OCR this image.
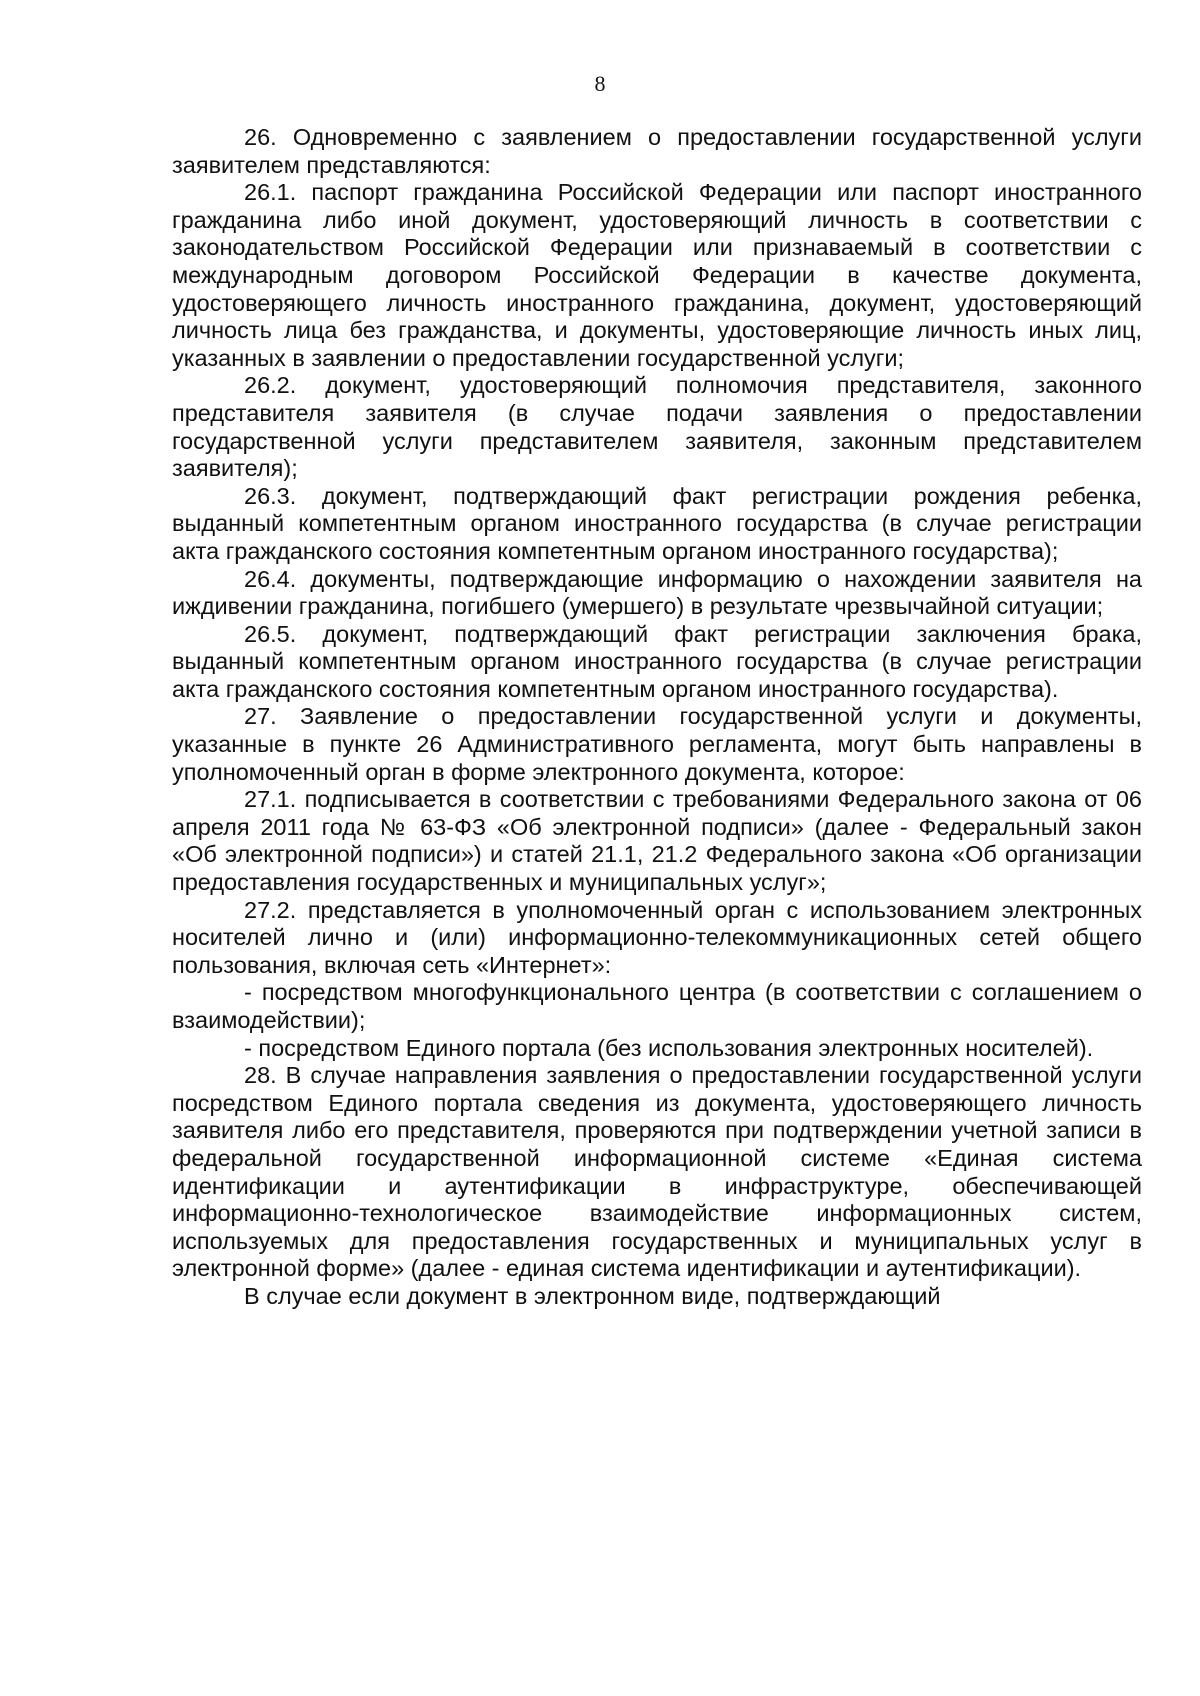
8

26. Одновременно с заявлением о предоставлении государственной услуги заявителем представляются:

26.1. паспорт гражданина Российской Федерации или паспорт иностранного гражданина либо иной документ, удостоверяющий личность в соответствии с законодательством Российской Федерации или признаваемый в соответствии с международным договором Российской Федерации в качестве документа, удостоверяющего личность иностранного гражданина, документ, удостоверяющий личность лица без гражданства, и документы, удостоверяющие личность иных лиц, указанных в заявлении о предоставлении государственной услуги;

26.2. документ, удостоверяющий полномочия представителя, законного представителя заявителя (в случае подачи заявления о предоставлении государственной услуги представителем заявителя, законным представителем заявителя);

26.3. документ, подтверждающий факт регистрации рождения ребенка, выданный компетентным органом иностранного государства (в случае регистрации акта гражданского состояния компетентным органом иностранного государства);

26.4. документы, подтверждающие информацию о нахождении заявителя на иждивении гражданина, погибшего (умершего) в результате чрезвычайной ситуации;

26.5. документ, подтверждающий факт регистрации заключения брака, выданный компетентным органом иностранного государства (в случае регистрации акта гражданского состояния компетентным органом иностранного государства).

27. Заявление о предоставлении государственной услуги и документы, указанные в пункте 26 Административного регламента, могут быть направлены в уполномоченный орган в форме электронного документа, которое:

27.1. подписывается в соответствии с требованиями Федерального закона от 06 апреля 2011 года № 63-ФЗ «Об электронной подписи» (далее - Федеральный закон «Об электронной подписи») и статей 21.1, 21.2 Федерального закона «Об организации предоставления государственных и муниципальных услуг»;

27.2. представляется в уполномоченный орган с использованием электронных носителей лично и (или) информационно-телекоммуникационных сетей общего пользования, включая сеть «Интернет»:

- посредством многофункционального центра (в соответствии с соглашением о взаимодействии);

- посредством Единого портала (без использования электронных носителей).

28. В случае направления заявления о предоставлении государственной услуги посредством Единого портала сведения из документа, удостоверяющего личность заявителя либо его представителя, проверяются при подтверждении учетной записи в федеральной государственной информационной системе «Единая система идентификации и аутентификации в инфраструктуре, обеспечивающей информационно-технологическое взаимодействие информационных систем, используемых для предоставления государственных и муниципальных услуг в электронной форме» (далее - единая система идентификации и аутентификации).

В случае если документ в электронном виде, подтверждающий
